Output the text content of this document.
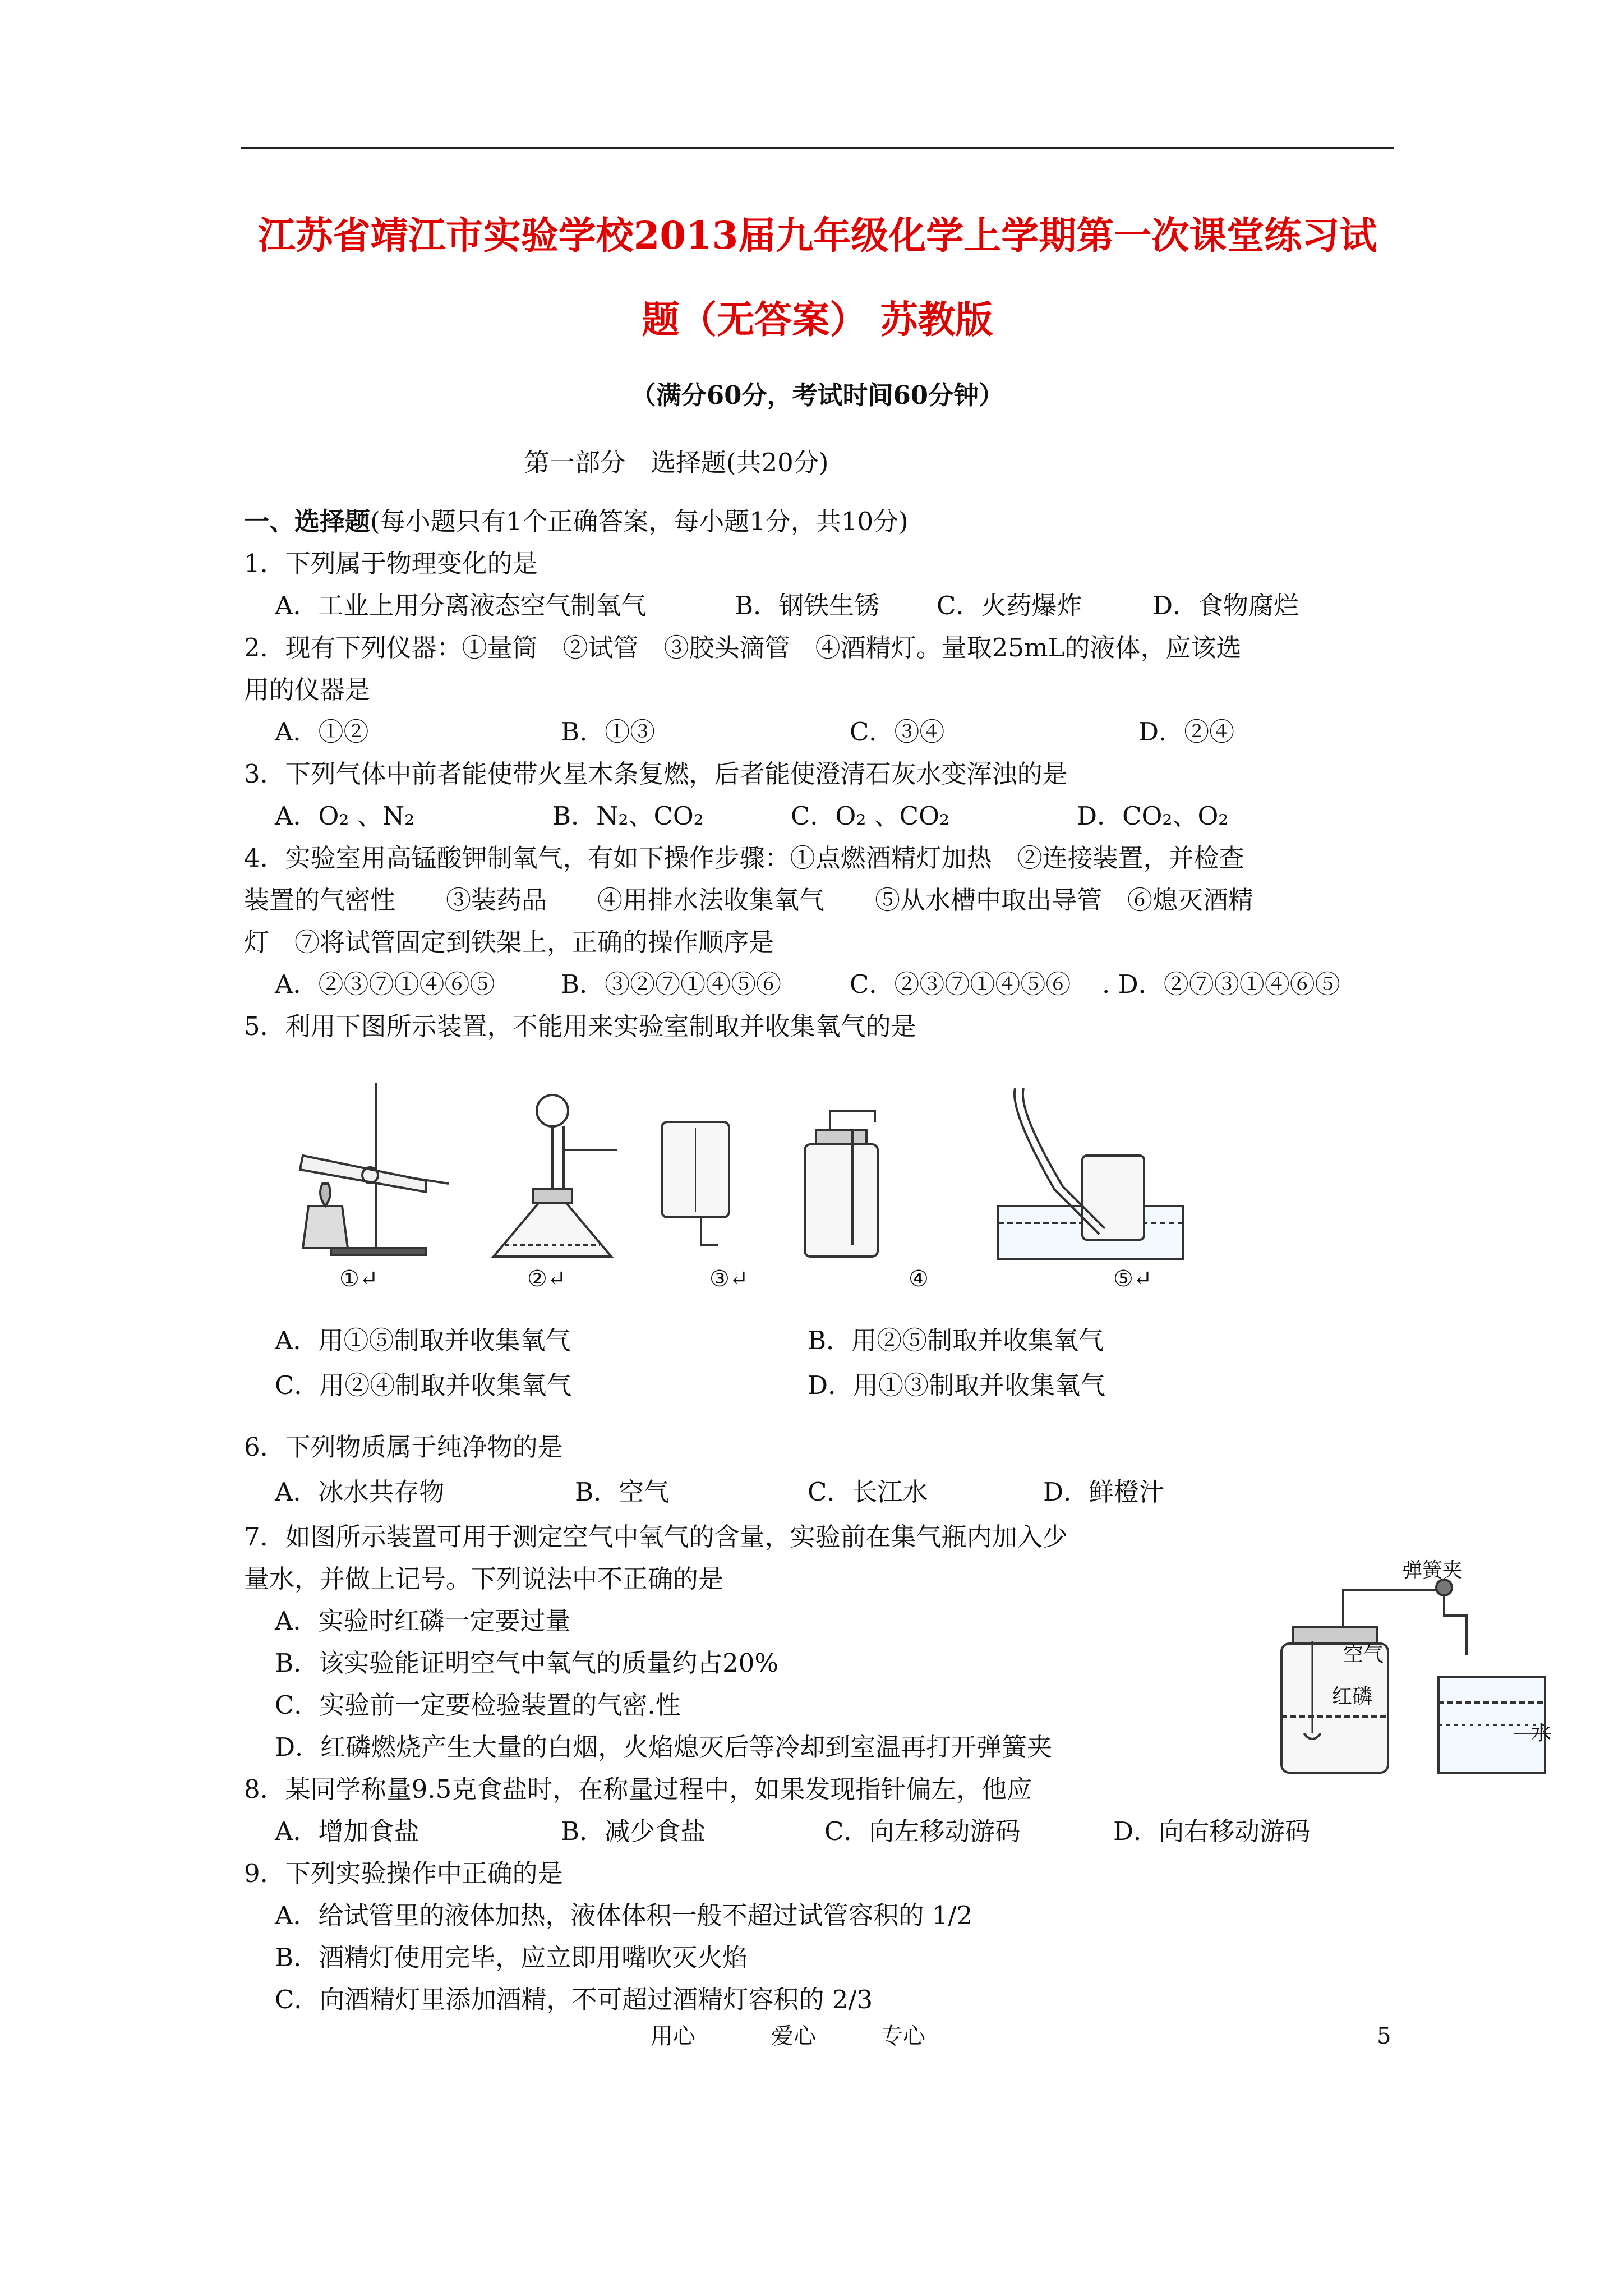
江苏省靖江市实验学校2013届九年级化学上学期第一次课堂练习试
题（无答案） 苏教版
（满分60分，考试时间60分钟）
第一部分　选择题(共20分)
一、选择题(每小题只有1个正确答案，每小题1分，共10分)
1．下列属于物理变化的是
A．工业上用分离液态空气制氧气	B．钢铁生锈 C．火药爆炸	D．食物腐烂
2．现有下列仪器：①量筒　②试管　③胶头滴管　④酒精灯。量取25mL的液体，应该选
用的仪器是
A．①②	B．①③	C．③④	D．②④
3．下列气体中前者能使带火星木条复燃，后者能使澄清石灰水变浑浊的是
A．O₂ 、N₂	B．N₂、CO₂	C．O₂ 、CO₂	D．CO₂、O₂
4．实验室用高锰酸钾制氧气，有如下操作步骤：①点燃酒精灯加热　②连接装置，并检查
装置的气密性　　③装药品　　④用排水法收集氧气　　⑤从水槽中取出导管　⑥熄灭酒精
灯　⑦将试管固定到铁架上，正确的操作顺序是
A．②③⑦①④⑥⑤	B．③②⑦①④⑤⑥	C．②③⑦①④⑤⑥ . D．②⑦③①④⑥⑤
5．利用下图所示装置，不能用来实验室制取并收集氧气的是
①↵	②↵	③↵	④	⑤↵
A．用①⑤制取并收集氧气	B．用②⑤制取并收集氧气
C．用②④制取并收集氧气	D．用①③制取并收集氧气
6．下列物质属于纯净物的是
A．冰水共存物	B．空气	C．长江水	D．鲜橙汁
7．如图所示装置可用于测定空气中氧气的含量，实验前在集气瓶内加入少
量水，并做上记号。下列说法中不正确的是
A．实验时红磷一定要过量
B．该实验能证明空气中氧气的质量约占20%
C．实验前一定要检验装置的气密.性
D．红磷燃烧产生大量的白烟，火焰熄灭后等冷却到室温再打开弹簧夹
弹簧夹
空气
红磷
水
8．某同学称量9.5克食盐时，在称量过程中，如果发现指针偏左，他应
A．增加食盐	B．减少食盐	C．向左移动游码	D．向右移动游码
9．下列实验操作中正确的是
A．给试管里的液体加热，液体体积一般不超过试管容积的 1/2
B．酒精灯使用完毕，应立即用嘴吹灭火焰
C．向酒精灯里添加酒精，不可超过酒精灯容积的 2/3
用心	爱心	专心	5
